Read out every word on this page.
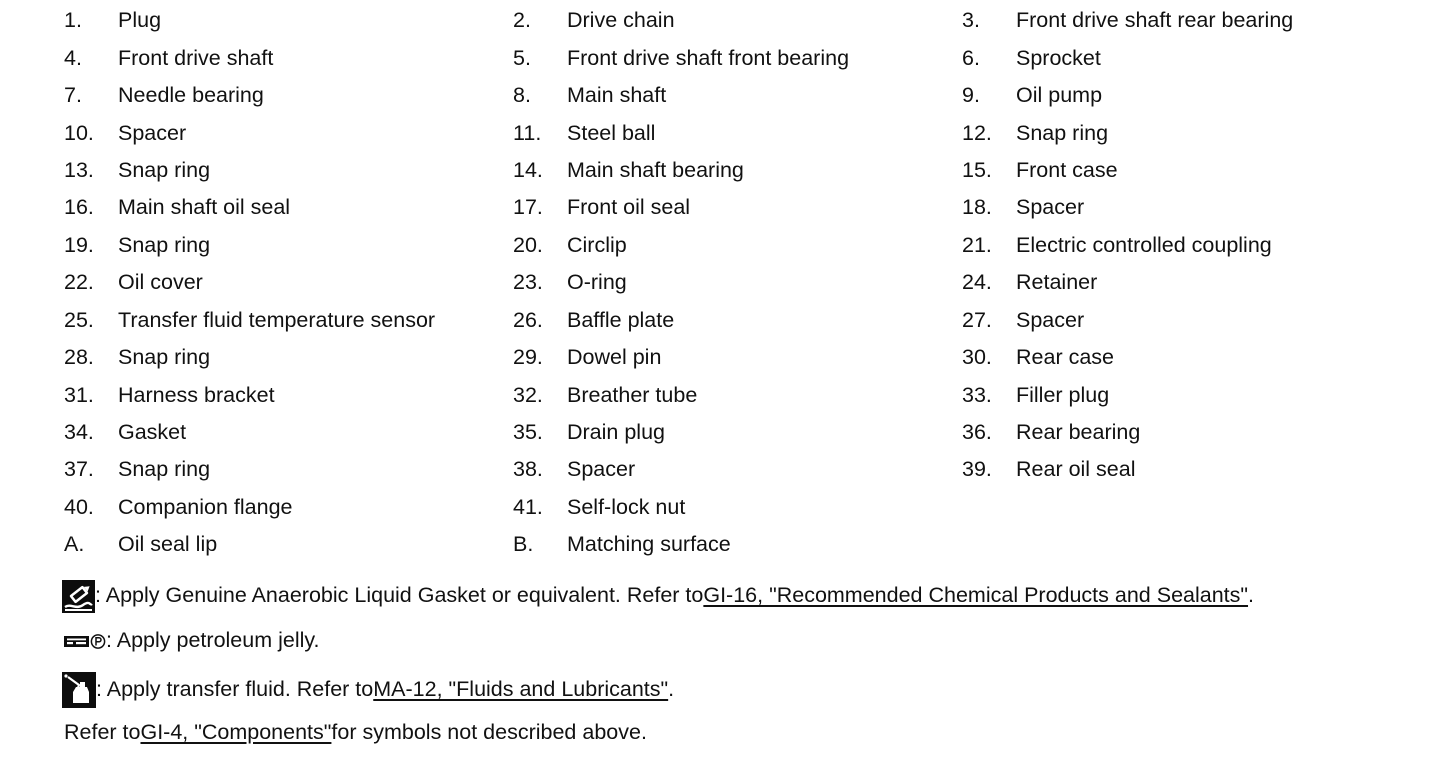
1.	Plug	2.	Drive chain	3.	Front drive shaft rear bearing
4.	Front drive shaft	5.	Front drive shaft front bearing	6.	Sprocket
7.	Needle bearing	8.	Main shaft	9.	Oil pump
10.	Spacer	11.	Steel ball	12.	Snap ring
13.	Snap ring	14.	Main shaft bearing	15.	Front case
16.	Main shaft oil seal	17.	Front oil seal	18.	Spacer
19.	Snap ring	20.	Circlip	21.	Electric controlled coupling
22.	Oil cover	23.	O-ring	24.	Retainer
25.	Transfer fluid temperature sensor	26.	Baffle plate	27.	Spacer
28.	Snap ring	29.	Dowel pin	30.	Rear case
31.	Harness bracket	32.	Breather tube	33.	Filler plug
34.	Gasket	35.	Drain plug	36.	Rear bearing
37.	Snap ring	38.	Spacer	39.	Rear oil seal
40.	Companion flange	41.	Self-lock nut
A.	Oil seal lip	B.	Matching surface
: Apply Genuine Anaerobic Liquid Gasket or equivalent. Refer to GI-16, "Recommended Chemical Products and Sealants" .
: Apply petroleum jelly.
: Apply transfer fluid. Refer to MA-12, "Fluids and Lubricants" .
Refer to GI-4, "Components" for symbols not described above.
